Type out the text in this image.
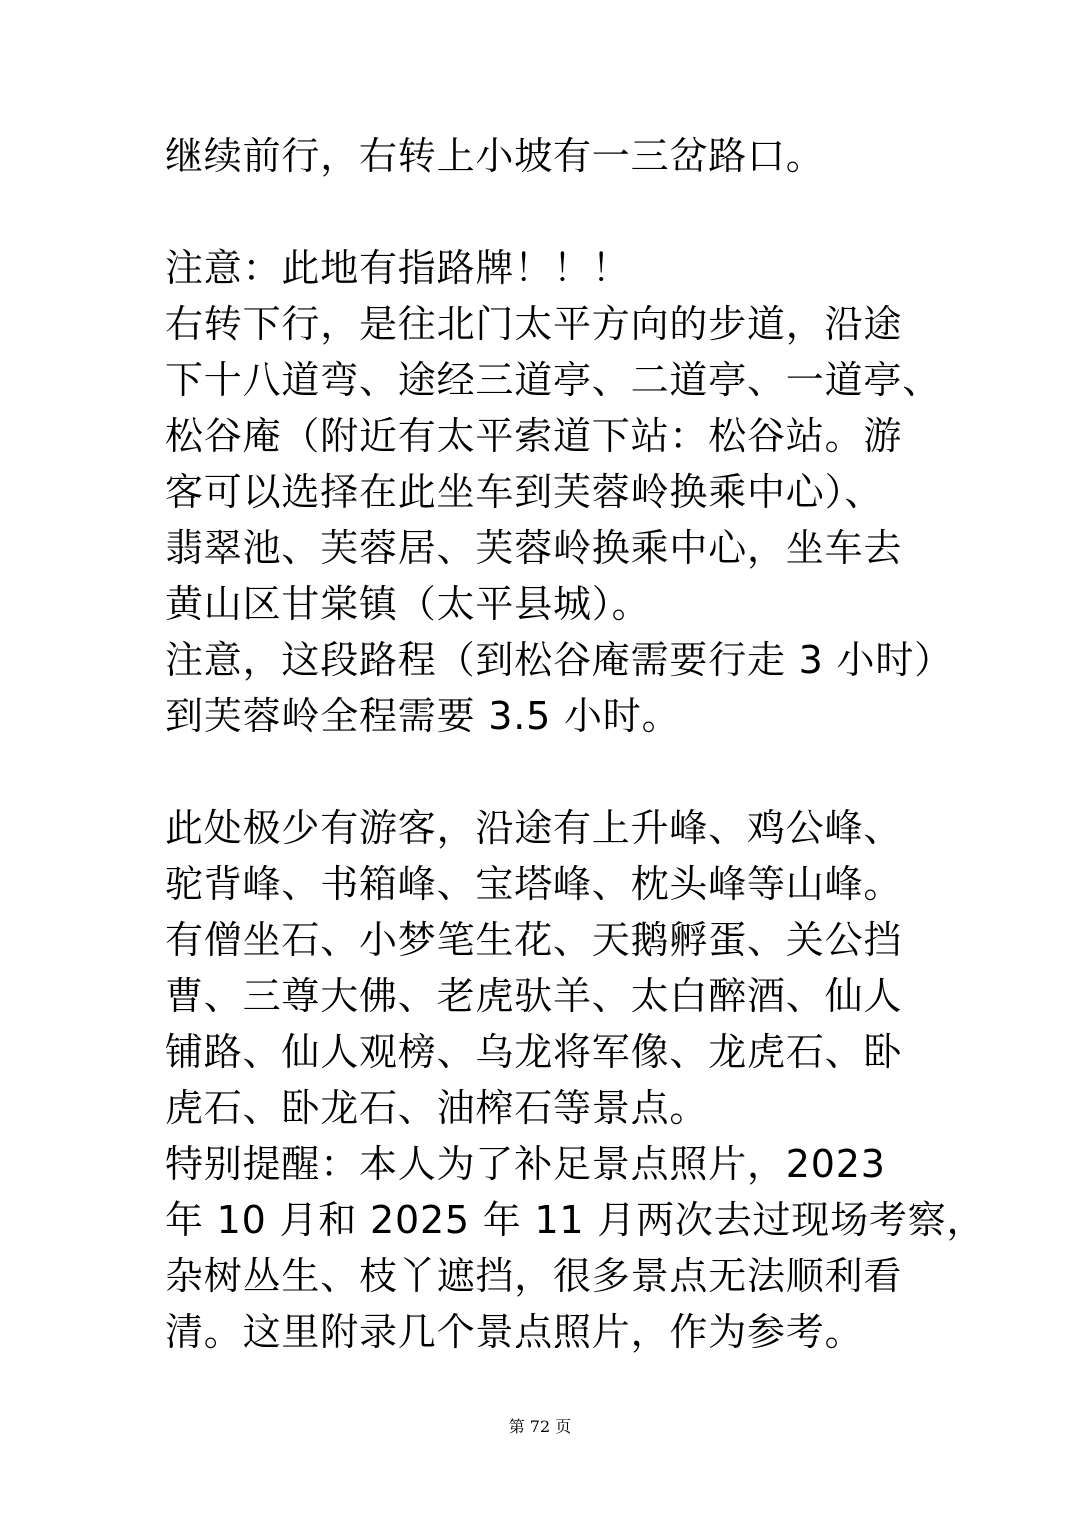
继续前行，右转上小坡有一三岔路口。
注意：此地有指路牌！！！
右转下行，是往北门太平方向的步道，沿途
下十八道弯、途经三道亭、二道亭、一道亭、
松谷庵（附近有太平索道下站：松谷站。游
客可以选择在此坐车到芙蓉岭换乘中心）、
翡翠池、芙蓉居、芙蓉岭换乘中心，坐车去
黄山区甘棠镇（太平县城）。
注意，这段路程（到松谷庵需要行走 3 小时）
到芙蓉岭全程需要 3.5 小时。
此处极少有游客，沿途有上升峰、鸡公峰、
驼背峰、书箱峰、宝塔峰、枕头峰等山峰。
有僧坐石、小梦笔生花、天鹅孵蛋、关公挡
曹、三尊大佛、老虎驮羊、太白醉酒、仙人
铺路、仙人观榜、乌龙将军像、龙虎石、卧
虎石、卧龙石、油榨石等景点。
特别提醒：本人为了补足景点照片，2023
年 10 月和 2025 年 11 月两次去过现场考察，
杂树丛生、枝丫遮挡，很多景点无法顺利看
清。这里附录几个景点照片，作为参考。
第 72 页
